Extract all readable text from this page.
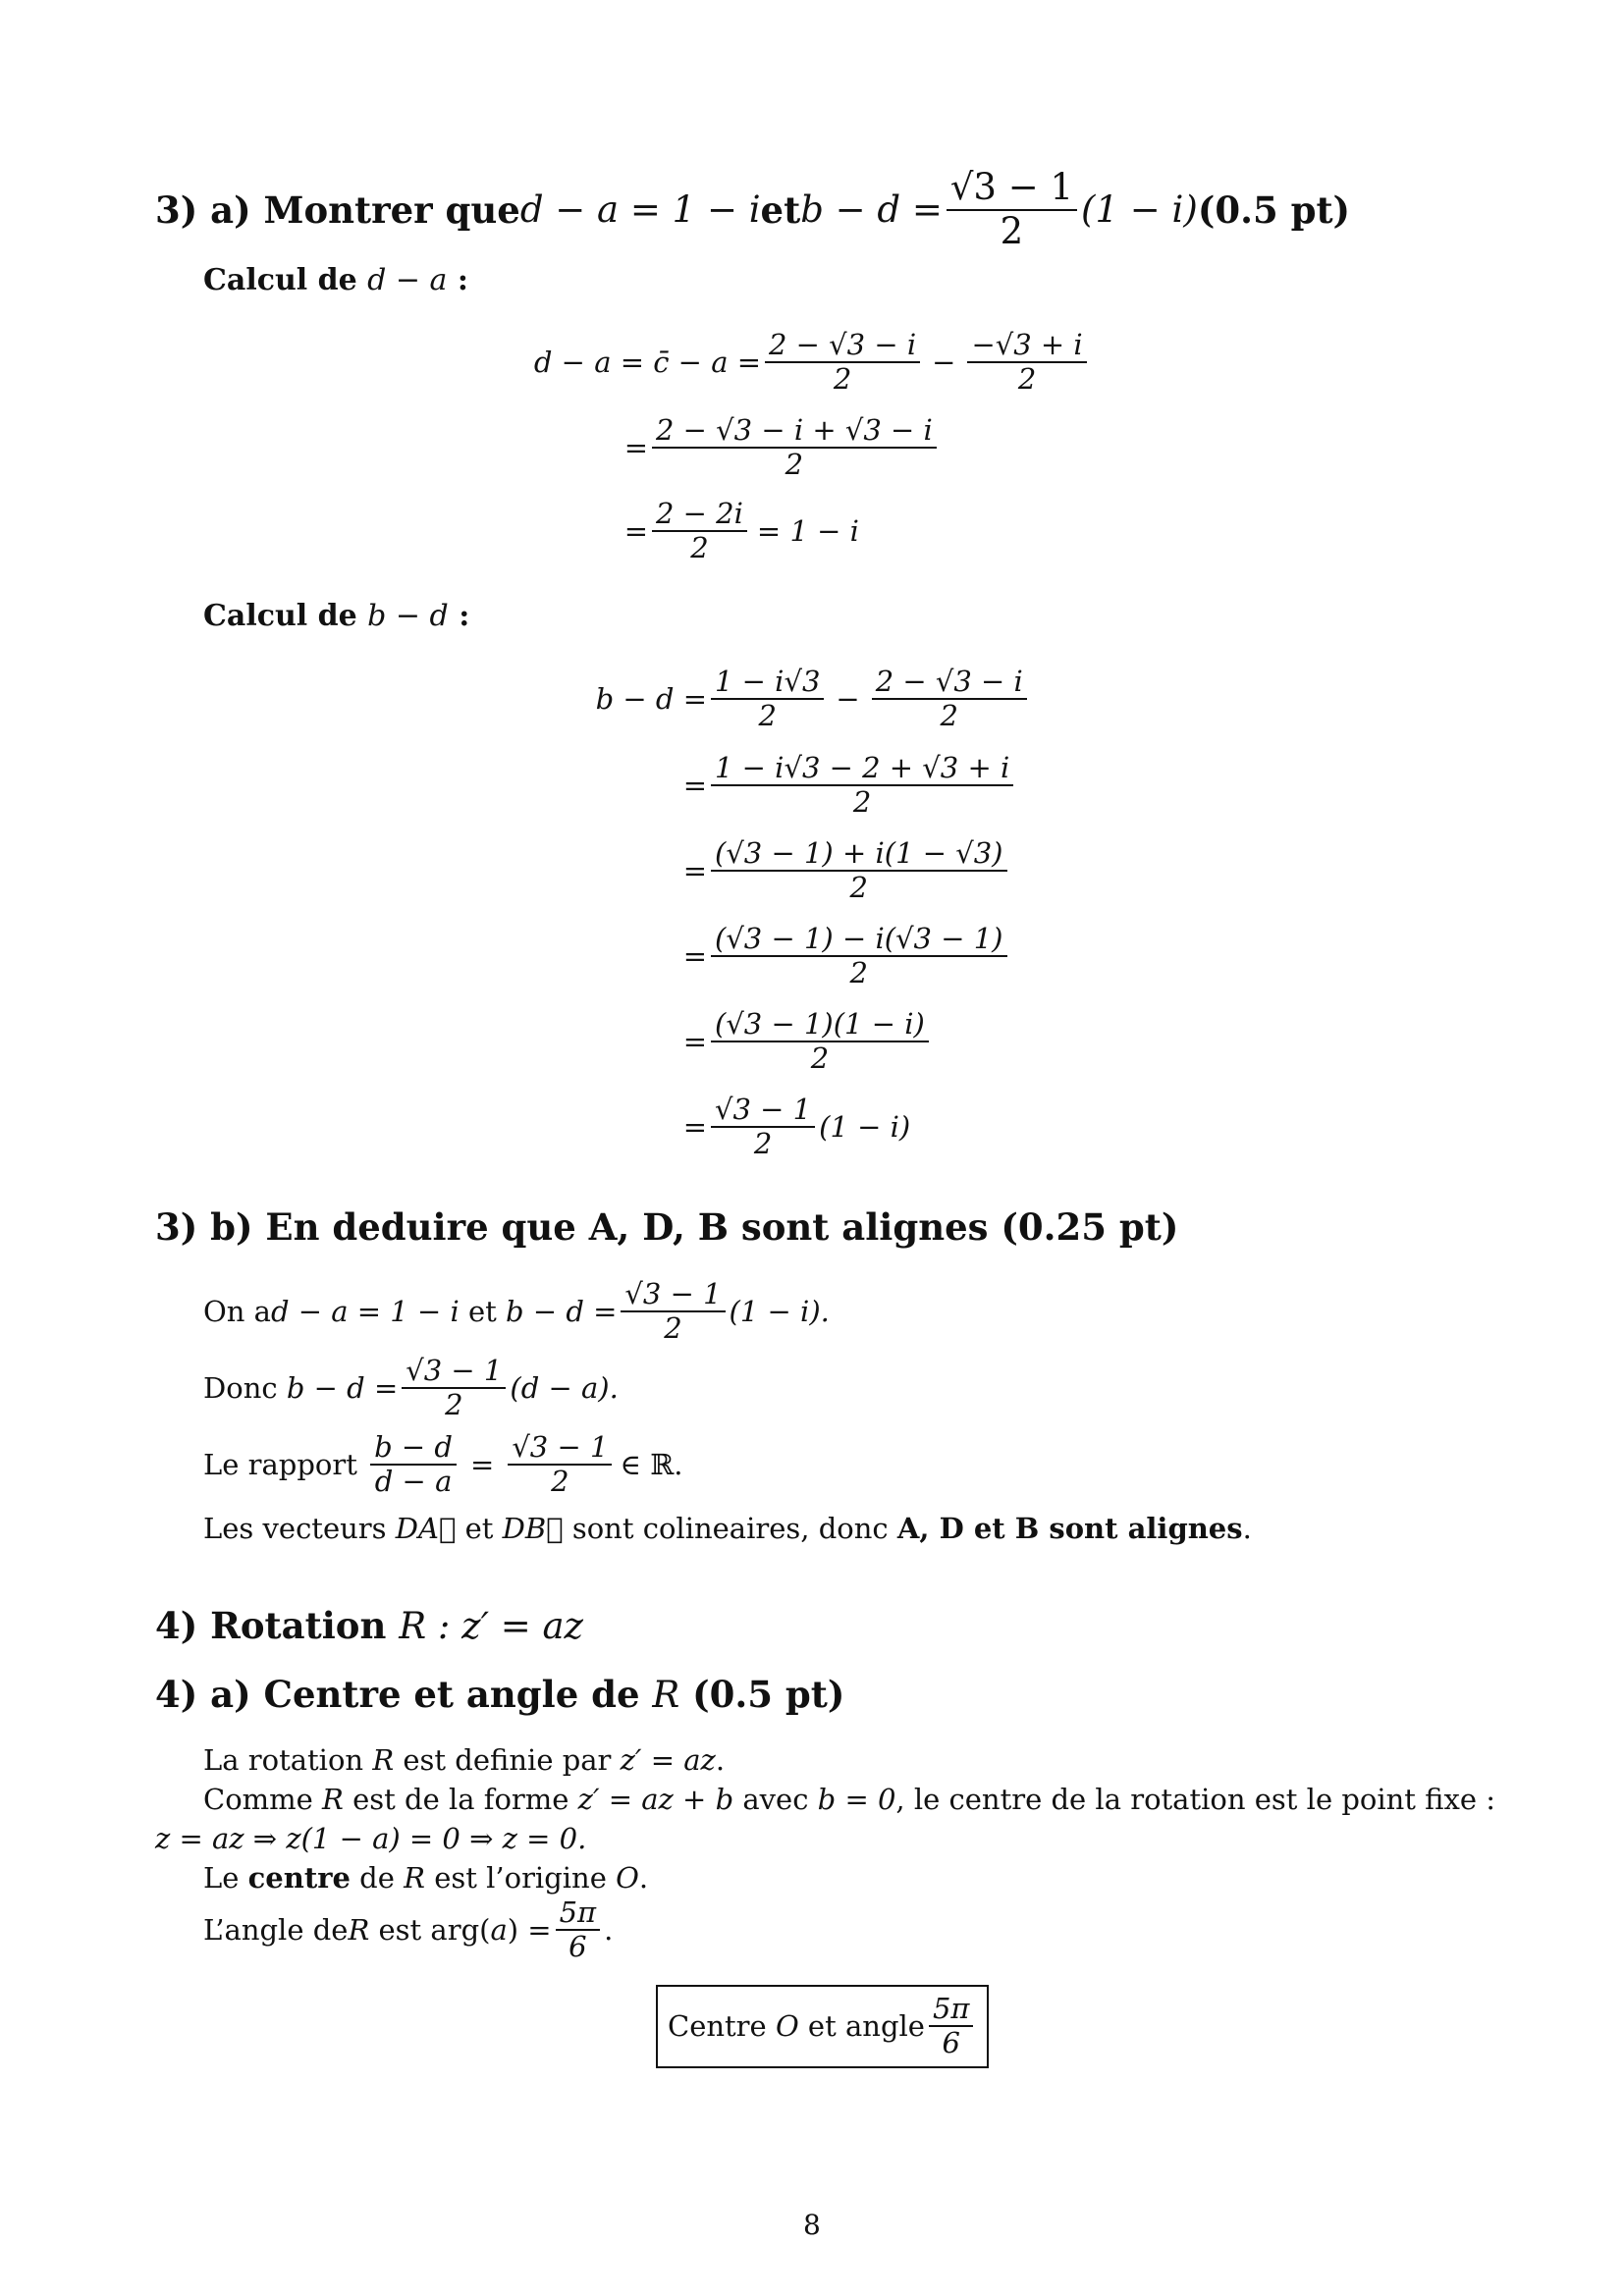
3) a) Montrer que d − a = 1 − i et $b - d = \frac{√3 - 1}{2} (1 - i)$ (0.5 pt)
Calcul de d − a :
d − a = c̄ − $a = \frac{2 - √3 - i}{2} - \frac{-√3 + i}{2}$
= $\frac{2 - √3 - i + √3 - i}{2}$
= $\frac{2 - 2i}{2} = 1 - i$
Calcul de b − d :
$b - d = \frac{1 - i√3}{2} - \frac{2 - √3 - i}{2}$
= $\frac{1 - i√3 - 2 + √3 + i}{2}$
= $\frac{(√3 - 1) + i(1 - √3)}{2}$
= $\frac{(√3 - 1) - i(√3 - 1)}{2}$
= $\frac{(√3 - 1)(1 - i)}{2}$
= $\frac{√3 - 1}{2} (1 - i)$
3) b) En deduire que A, D, B sont alignes (0.25 pt)
On a d − a = 1 − i et $b - d = \frac{√3 - 1}{2} (1 - i)$.
Donc $b - d = \frac{√3 - 1}{2} (d - a)$.
Le rapport $\frac{b - d}{d - a} = \frac{√3 - 1}{2}$ ∈ ℝ.
Les vecteurs DA⃗ et DB⃗ sont colineaires, donc A, D et B sont alignes.
4) Rotation R : z′ = az
4) a) Centre et angle de R (0.5 pt)
La rotation R est definie par z′ = az.
Comme R est de la forme z′ = az + b avec b = 0, le centre de la rotation est le point fixe :
z = az ⇒ z(1 − a) = 0 ⇒ z = 0.
Le centre de R est l’origine O.
L’angle de R est arg( a ) = $\frac{5\pi}{6}$ .
Centre O et angle $\frac{5\pi}{6}$
8
